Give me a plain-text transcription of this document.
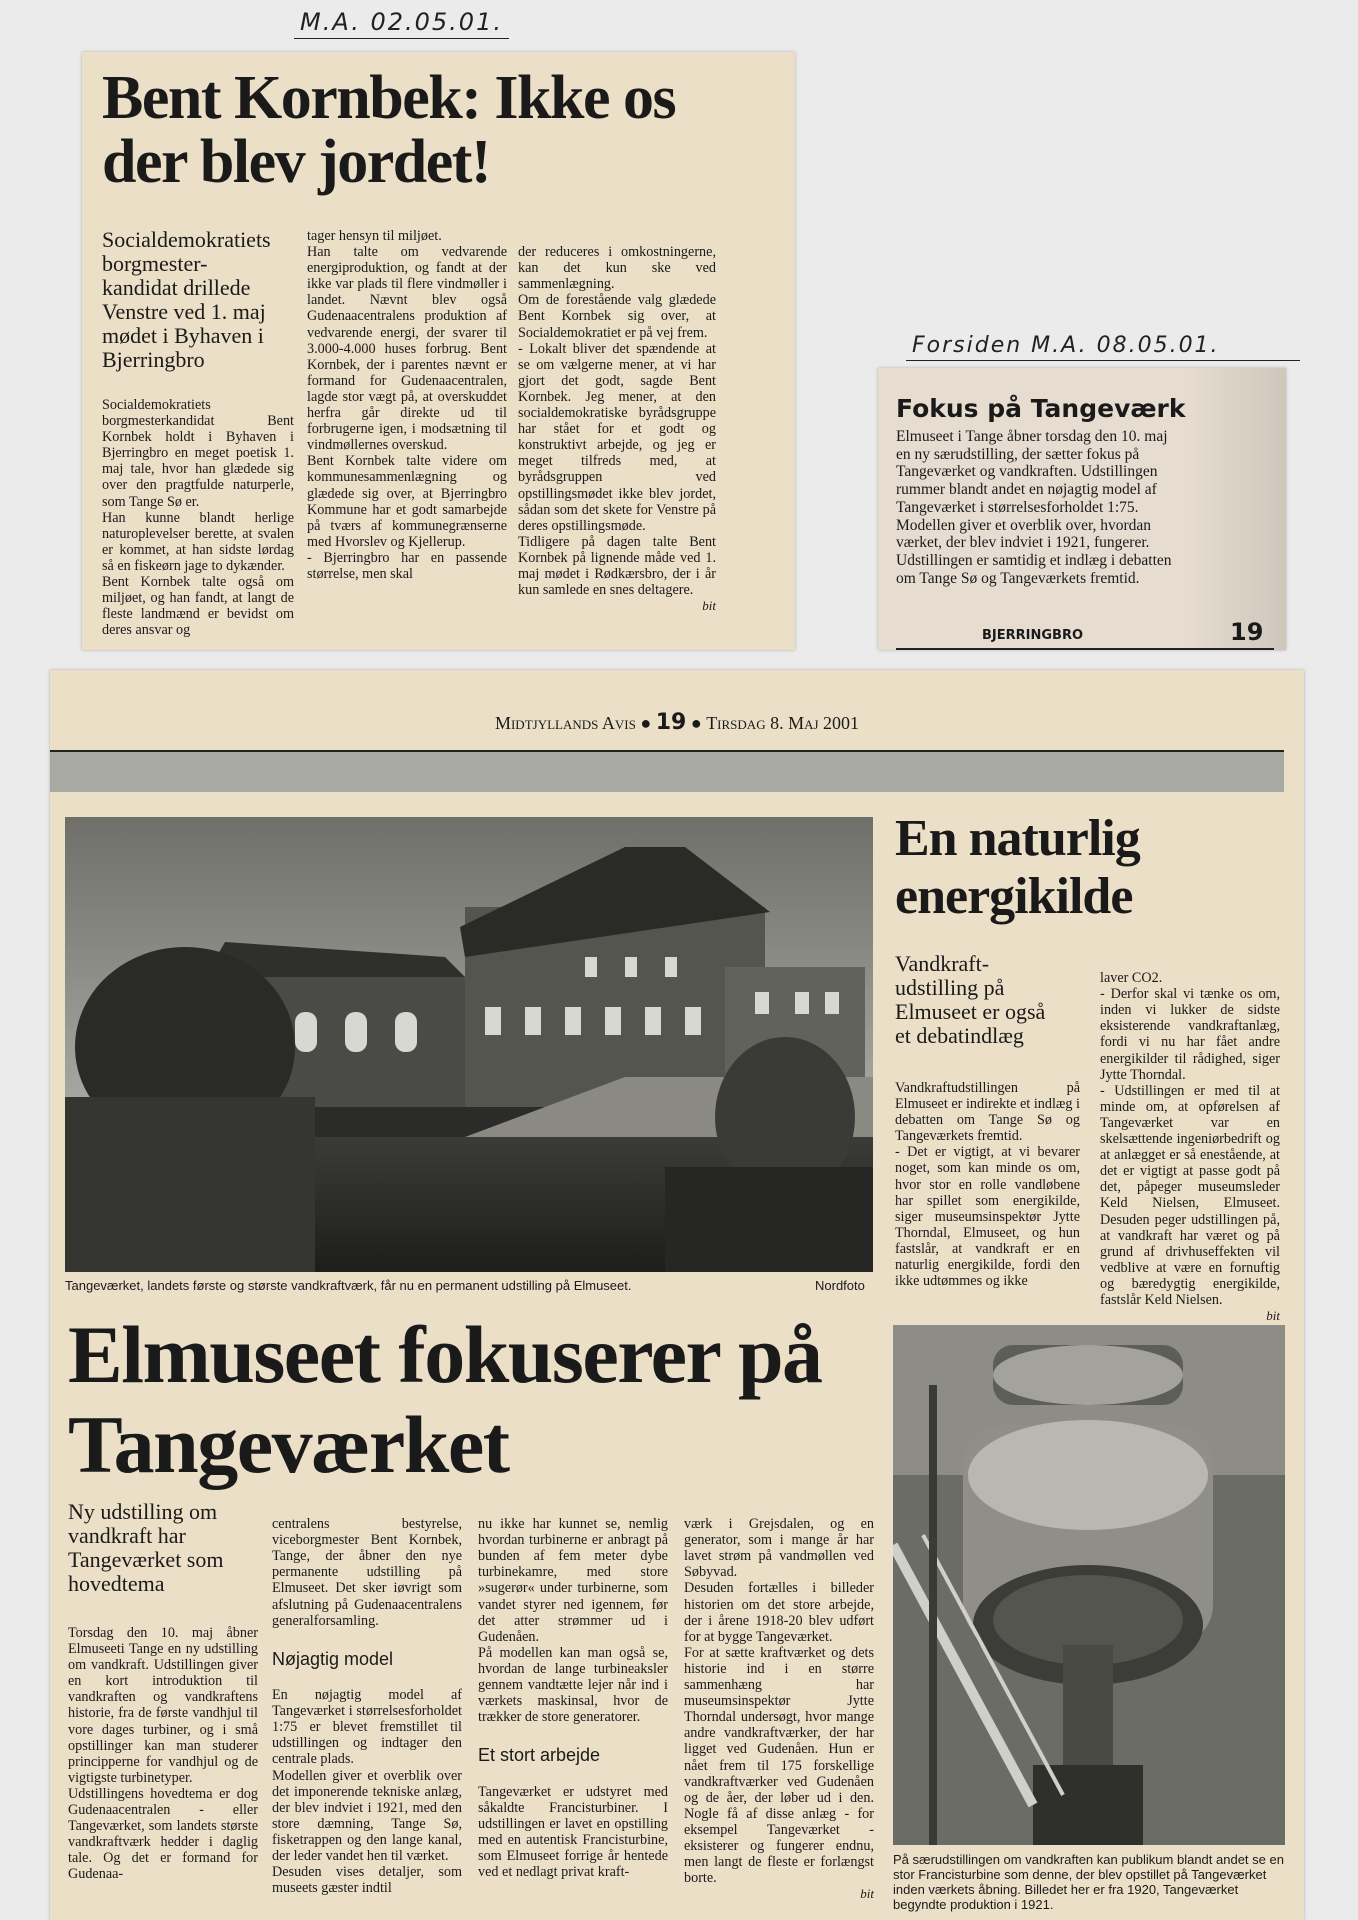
M.A. 02.05.01.
Bent Kornbek: Ikke os der blev jordet!
Socialdemokratiets borgmester-kandidat drillede Venstre ved 1. maj mødet i Byhaven i Bjerringbro
Socialdemokratiets borgmesterkandidat Bent Kornbek holdt i Byhaven i Bjerringbro en meget poetisk 1. maj tale, hvor han glædede sig over den pragtfulde naturperle, som Tange Sø er.
Han kunne blandt herlige naturoplevelser berette, at svalen er kommet, at han sidste lørdag så en fiskeørn jage to dykænder.
Bent Kornbek talte også om miljøet, og han fandt, at langt de fleste landmænd er bevidst om deres ansvar og
tager hensyn til miljøet.
Han talte om vedvarende energiproduktion, og fandt at der ikke var plads til flere vindmøller i landet. Nævnt blev også Gudenaacentralens produktion af vedvarende energi, der svarer til 3.000-4.000 huses forbrug. Bent Kornbek, der i parentes nævnt er formand for Gudenaacentralen, lagde stor vægt på, at overskuddet herfra går direkte ud til forbrugerne igen, i modsætning til vindmøllernes overskud.
Bent Kornbek talte videre om kommunesammenlægning og glædede sig over, at Bjerringbro Kommune har et godt samarbejde på tværs af kommunegrænserne med Hvorslev og Kjellerup.
- Bjerringbro har en passende størrelse, men skal

der reduceres i omkostningerne, kan det kun ske ved sammenlægning.
Om de forestående valg glædede Bent Kornbek sig over, at Socialdemokratiet er på vej frem.
- Lokalt bliver det spændende at se om vælgerne mener, at vi har gjort det godt, sagde Bent Kornbek. Jeg mener, at den socialdemokratiske byrådsgruppe har stået for et godt og konstruktivt arbejde, og jeg er meget tilfreds med, at byrådsgruppen ved opstillingsmødet ikke blev jordet, sådan som det skete for Venstre på deres opstillingsmøde.
Tidligere på dagen talte Bent Kornbek på lignende måde ved 1. maj mødet i Rødkærsbro, der i år kun samlede en snes deltagere.

bit

Forsiden M.A. 08.05.01.
Fokus på Tangeværk
Elmuseet i Tange åbner torsdag den 10. maj en ny særudstilling, der sætter fokus på Tangeværket og vandkraften. Udstillingen rummer blandt andet en nøjagtig model af Tangeværket i størrelsesforholdet 1:75. Modellen giver et overblik over, hvordan værket, der blev indviet i 1921, fungerer. Udstillingen er samtidig et indlæg i debatten om Tange Sø og Tangeværkets fremtid.
BJERRINGBRO	19
Midtjyllands Avis ● 19 ● Tirsdag 8. Maj 2001
Tangeværket, landets første og største vandkraftværk, får nu en permanent udstilling på Elmuseet.	Nordfoto
En naturlig energikilde
Vandkraft-udstilling på Elmuseet er også et debatindlæg
Vandkraftudstillingen på Elmuseet er indirekte et indlæg i debatten om Tange Sø og Tangeværkets fremtid.
- Det er vigtigt, at vi bevarer noget, som kan minde os om, hvor stor en rolle vandløbene har spillet som energikilde, siger museumsinspektør Jytte Thorndal, Elmuseet, og hun fastslår, at vandkraft er en naturlig energikilde, fordi den ikke udtømmes og ikke

laver CO2.
- Derfor skal vi tænke os om, inden vi lukker de sidste eksisterende vandkraftanlæg, fordi vi nu har fået andre energikilder til rådighed, siger Jytte Thorndal.
- Udstillingen er med til at minde om, at opførelsen af Tangeværket var en skelsættende ingeniørbedrift og at anlægget er så enestående, at det er vigtigt at passe godt på det, påpeger museumsleder Keld Nielsen, Elmuseet. Desuden peger udstillingen på, at vandkraft har været og på grund af drivhuseffekten vil vedblive at være en fornuftig og bæredygtig energikilde, fastslår Keld Nielsen.

bit

Elmuseet fokuserer på Tangeværket
Ny udstilling om vandkraft har Tangeværket som hovedtema
Torsdag den 10. maj åbner Elmuseeti Tange en ny udstilling om vandkraft. Udstillingen giver en kort introduktion til vandkraften og vandkraftens historie, fra de første vandhjul til vore dages turbiner, og i små opstillinger kan man studerer principperne for vandhjul og de vigtigste turbinetyper.
Udstillingens hovedtema er dog Gudenaacentralen - eller Tangeværket, som landets største vandkraftværk hedder i daglig tale. Og det er formand for Gudenaa-

centralens bestyrelse, viceborgmester Bent Kornbek, Tange, der åbner den nye permanente udstilling på Elmuseet. Det sker iøvrigt som afslutning på Gudenaacentralens generalforsamling.

Nøjagtig model

En nøjagtig model af Tangeværket i størrelsesforholdet 1:75 er blevet fremstillet til udstillingen og indtager den centrale plads.
Modellen giver et overblik over det imponerende tekniske anlæg, der blev indviet i 1921, med den store dæmning, Tange Sø, fisketrappen og den lange kanal, der leder vandet hen til værket.
Desuden vises detaljer, som museets gæster indtil

nu ikke har kunnet se, nemlig hvordan turbinerne er anbragt på bunden af fem meter dybe turbinekamre, med store »sugerør« under turbinerne, som vandet styrer ned igennem, før det atter strømmer ud i Gudenåen.
På modellen kan man også se, hvordan de lange turbineaksler gennem vandtætte lejer når ind i værkets maskinsal, hvor de trækker de store generatorer.

Et stort arbejde

Tangeværket er udstyret med såkaldte Francisturbiner. I udstillingen er lavet en opstilling med en autentisk Francisturbine, som Elmuseet forrige år hentede ved et nedlagt privat kraft-

værk i Grejsdalen, og en generator, som i mange år har lavet strøm på vandmøllen ved Søbyvad.
Desuden fortælles i billeder historien om det store arbejde, der i årene 1918-20 blev udført for at bygge Tangeværket.
For at sætte kraftværket og dets historie ind i en større sammenhæng har museumsinspektør Jytte Thorndal undersøgt, hvor mange andre vandkraftværker, der har ligget ved Gudenåen. Hun er nået frem til 175 forskellige vandkraftværker ved Gudenåen og de åer, der løber ud i den. Nogle få af disse anlæg - for eksempel Tangeværket - eksisterer og fungerer endnu, men langt de fleste er forlængst borte.

bit

På særudstillingen om vandkraften kan publikum blandt andet se en stor Francisturbine som denne, der blev opstillet på Tangeværket inden værkets åbning. Billedet her er fra 1920, Tangeværket begyndte produktion i 1921.
